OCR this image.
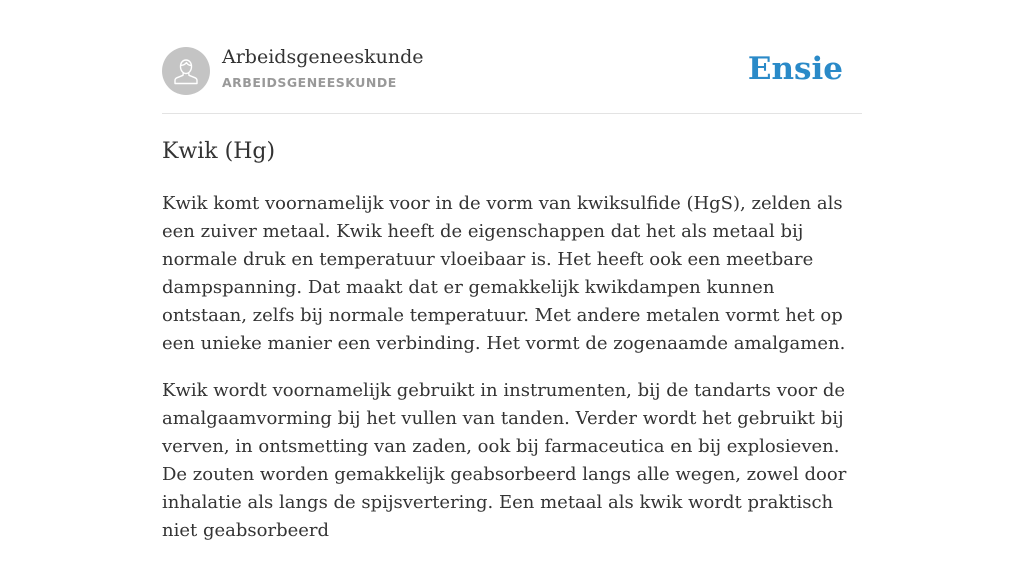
Arbeidsgeneeskunde
ARBEIDSGENEESKUNDE	Ensie
Kwik (Hg)

Kwik komt voornamelijk voor in de vorm van kwiksulfide (HgS), zelden als een zuiver metaal. Kwik heeft de eigenschappen dat het als metaal bij normale druk en temperatuur vloeibaar is. Het heeft ook een meetbare dampspanning. Dat maakt dat er gemakkelijk kwikdampen kunnen ontstaan, zelfs bij normale temperatuur. Met andere metalen vormt het op een unieke manier een verbinding. Het vormt de zogenaamde amalgamen.

Kwik wordt voornamelijk gebruikt in instrumenten, bij de tandarts voor de amalgaamvorming bij het vullen van tanden. Verder wordt het gebruikt bij verven, in ontsmetting van zaden, ook bij farmaceutica en bij explosieven. De zouten worden gemakkelijk geabsorbeerd langs alle wegen, zowel door inhalatie als langs de spijsvertering. Een metaal als kwik wordt praktisch niet geabsorbeerd
